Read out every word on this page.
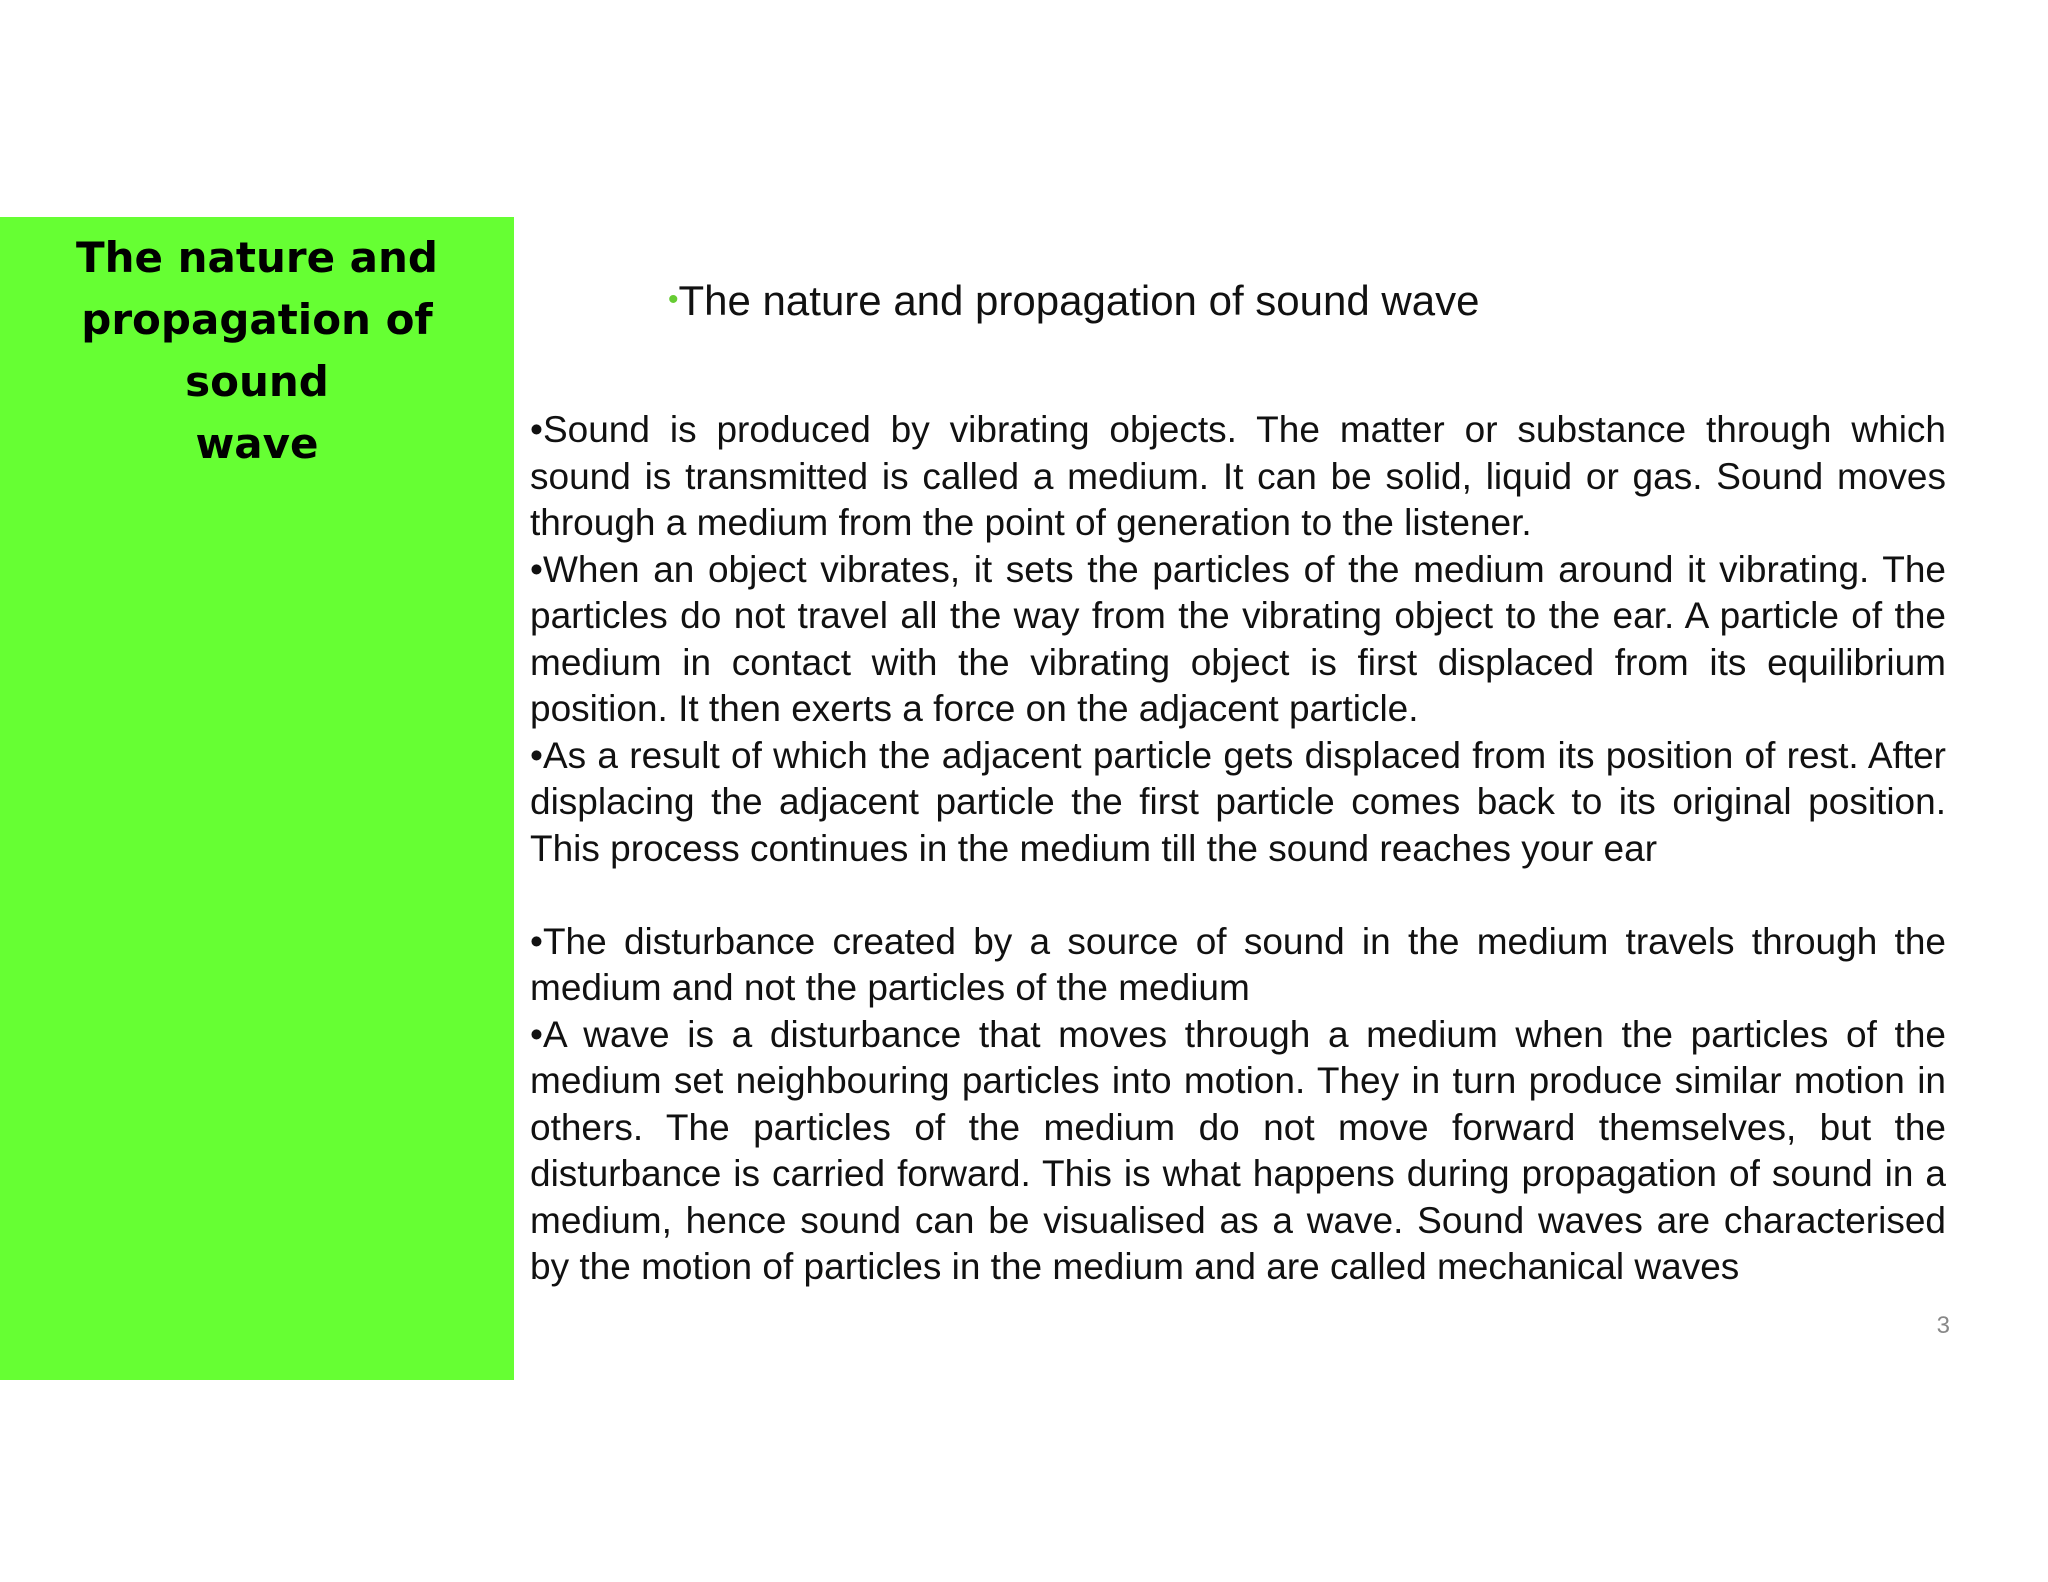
The nature and
propagation of sound
wave
•The nature and propagation of sound wave

•Sound is produced by vibrating objects. The matter or substance through which sound is transmitted is called a medium. It can be solid, liquid or gas. Sound moves through a medium from the point of generation to the listener.

•When an object vibrates, it sets the particles of the medium around it vibrating. The particles do not travel all the way from the vibrating object to the ear. A particle of the medium in contact with the vibrating object is first displaced from its equilibrium position. It then exerts a force on the adjacent particle.

•As a result of which the adjacent particle gets displaced from its position of rest. After displacing the adjacent particle the first particle comes back to its original position. This process continues in the medium till the sound reaches your ear

•The disturbance created by a source of sound in the medium travels through the medium and not the particles of the medium

•A wave is a disturbance that moves through a medium when the particles of the medium set neighbouring particles into motion. They in turn produce similar motion in others. The particles of the medium do not move forward themselves, but the disturbance is carried forward. This is what happens during propagation of sound in a medium, hence sound can be visualised as a wave. Sound waves are characterised by the motion of particles in the medium and are called mechanical waves

3
